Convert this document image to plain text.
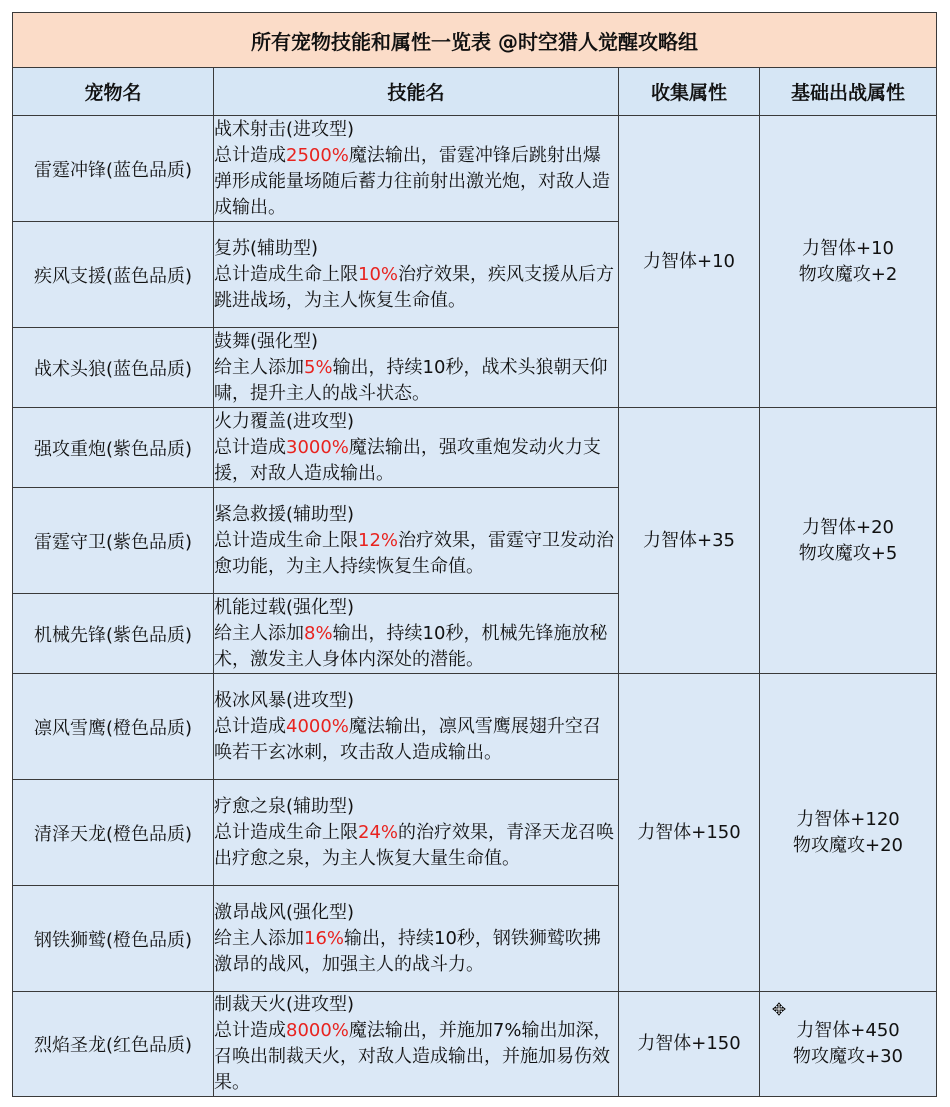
所有宠物技能和属性一览表 @时空猎人觉醒攻略组			
宠物名	技能名	收集属性	基础出战属性
雷霆冲锋(蓝色品质)	战术射击(进攻型)
总计造成2500%魔法输出，雷霆冲锋后跳射出爆弹形成能量场随后蓄力往前射出激光炮，对敌人造成输出。	力智体+10	力智体+10
物攻魔攻+2
疾风支援(蓝色品质)	复苏(辅助型)
总计造成生命上限10%治疗效果，疾风支援从后方跳进战场，为主人恢复生命值。		
战术头狼(蓝色品质)	鼓舞(强化型)
给主人添加5%输出，持续10秒，战术头狼朝天仰啸，提升主人的战斗状态。		
强攻重炮(紫色品质)	火力覆盖(进攻型)
总计造成3000%魔法输出，强攻重炮发动火力支援，对敌人造成输出。	力智体+35	力智体+20
物攻魔攻+5
雷霆守卫(紫色品质)	紧急救援(辅助型)
总计造成生命上限12%治疗效果，雷霆守卫发动治愈功能，为主人持续恢复生命值。		
机械先锋(紫色品质)	机能过载(强化型)
给主人添加8%输出，持续10秒，机械先锋施放秘术，激发主人身体内深处的潜能。		
凛风雪鹰(橙色品质)	极冰风暴(进攻型)
总计造成4000%魔法输出，凛风雪鹰展翅升空召唤若干玄冰刺，攻击敌人造成输出。	力智体+150	力智体+120
物攻魔攻+20
清泽天龙(橙色品质)	疗愈之泉(辅助型)
总计造成生命上限24%的治疗效果，青泽天龙召唤出疗愈之泉，为主人恢复大量生命值。		
钢铁狮鹫(橙色品质)	激昂战风(强化型)
给主人添加16%输出，持续10秒，钢铁狮鹫吹拂激昂的战风，加强主人的战斗力。		
烈焰圣龙(红色品质)	制裁天火(进攻型)
总计造成8000%魔法输出，并施加7%输出加深，召唤出制裁天火，对敌人造成输出，并施加易伤效果。	力智体+150	力智体+450
物攻魔攻+30
